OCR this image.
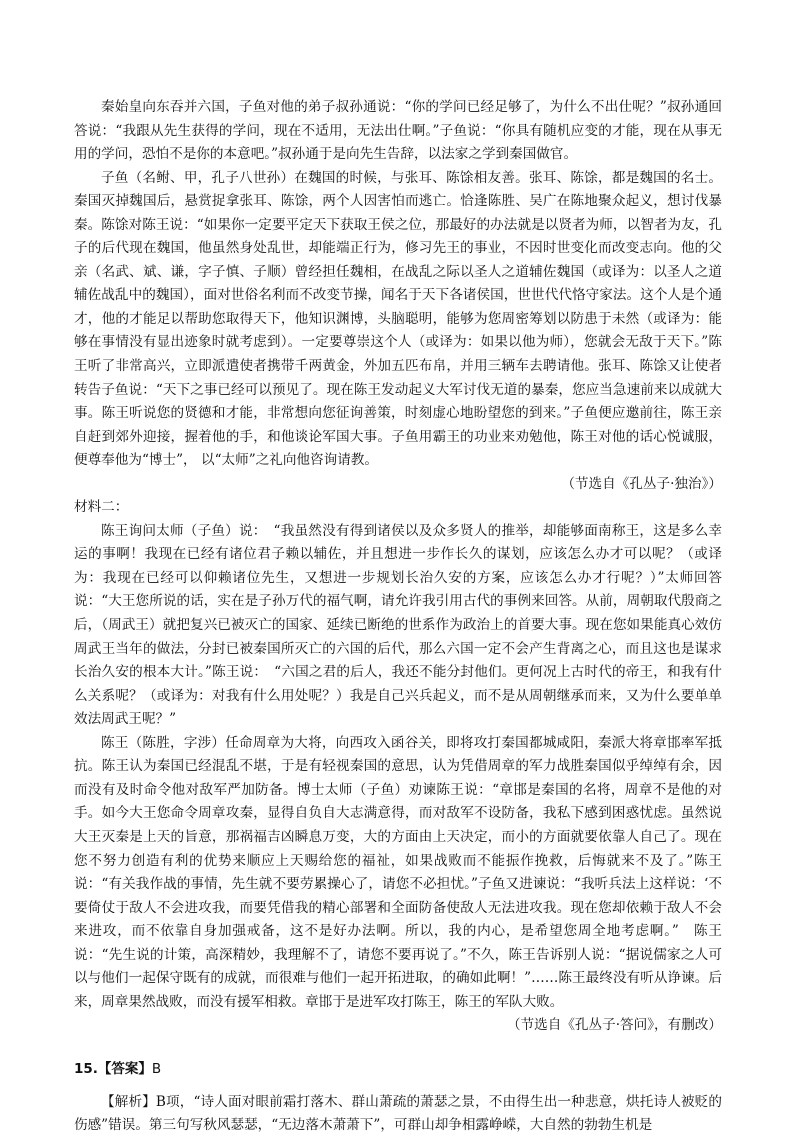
秦始皇向东吞并六国，子鱼对他的弟子叔孙通说：“你的学问已经足够了，为什么不出仕呢？”叔孙通回答说：“我跟从先生获得的学问，现在不适用，无法出仕啊。”子鱼说：“你具有随机应变的才能，现在从事无用的学问，恐怕不是你的本意吧。”叔孙通于是向先生告辞，以法家之学到秦国做官。

子鱼（名鲋、甲，孔子八世孙）在魏国的时候，与张耳、陈馀相友善。张耳、陈馀，都是魏国的名士。秦国灭掉魏国后，悬赏捉拿张耳、陈馀，两个人因害怕而逃亡。恰逢陈胜、吴广在陈地聚众起义，想讨伐暴秦。陈馀对陈王说：“如果你一定要平定天下获取王侯之位，那最好的办法就是以贤者为师，以智者为友，孔子的后代现在魏国，他虽然身处乱世，却能端正行为，修习先王的事业，不因时世变化而改变志向。他的父亲（名武、斌、谦，字子慎、子顺）曾经担任魏相，在战乱之际以圣人之道辅佐魏国（或译为：以圣人之道辅佐战乱中的魏国），面对世俗名利而不改变节操，闻名于天下各诸侯国，世世代代恪守家法。这个人是个通才，他的才能足以帮助您取得天下，他知识渊博，头脑聪明，能够为您周密筹划以防患于未然（或译为：能够在事情没有显出迹象时就考虑到）。一定要尊崇这个人（或译为：如果以他为师），您就会无敌于天下。”陈王听了非常高兴，立即派遣使者携带千两黄金，外加五匹布帛，并用三辆车去聘请他。张耳、陈馀又让使者转告子鱼说：“天下之事已经可以预见了。现在陈王发动起义大军讨伐无道的暴秦，您应当急速前来以成就大事。陈王听说您的贤德和才能，非常想向您征询善策，时刻虚心地盼望您的到来。”子鱼便应邀前往，陈王亲自赶到郊外迎接，握着他的手，和他谈论军国大事。子鱼用霸王的功业来劝勉他，陈王对他的话心悦诚服，便尊奉他为“博士”， 以“太师”之礼向他咨询请教。

（节选自《孔丛子·独治》）

材料二：

陈王询问太师（子鱼）说：　“我虽然没有得到诸侯以及众多贤人的推举，却能够面南称王，这是多么幸运的事啊！我现在已经有诸位君子赖以辅佐，并且想进一步作长久的谋划，应该怎么办才可以呢？（或译为：我现在已经可以仰赖诸位先生，又想进一步规划长治久安的方案，应该怎么办才行呢？）”太师回答说：“大王您所说的话，实在是子孙万代的福气啊，请允许我引用古代的事例来回答。从前，周朝取代殷商之后，（周武王）就把复兴已被灭亡的国家、延续已断绝的世系作为政治上的首要大事。现在您如果能真心效仿周武王当年的做法，分封已被秦国所灭亡的六国的后代，那么六国一定不会产生背离之心，而且这也是谋求长治久安的根本大计。”陈王说：　“六国之君的后人，我还不能分封他们。更何况上古时代的帝王，和我有什么关系呢？（或译为：对我有什么用处呢？）我是自己兴兵起义，而不是从周朝继承而来，又为什么要单单效法周武王呢？”

陈王（陈胜，字涉）任命周章为大将，向西攻入函谷关，即将攻打秦国都城咸阳，秦派大将章邯率军抵抗。陈王认为秦国已经混乱不堪，于是有轻视秦国的意思，认为凭借周章的军力战胜秦国似乎绰绰有余，因而没有及时命令他对敌军严加防备。博士太师（子鱼）劝谏陈王说：“章邯是秦国的名将，周章不是他的对手。如今大王您命令周章攻秦，显得自负自大志满意得，而对敌军不设防备，我私下感到困惑忧虑。虽然说大王灭秦是上天的旨意，那祸福吉凶瞬息万变，大的方面由上天决定，而小的方面就要依靠人自己了。现在您不努力创造有利的优势来顺应上天赐给您的福祉，如果战败而不能振作挽救，后悔就来不及了。”陈王说：“有关我作战的事情，先生就不要劳累操心了，请您不必担忧。”子鱼又进谏说：“我听兵法上这样说：‘不要倚仗于敌人不会进攻我，而要凭借我的精心部署和全面防备使敌人无法进攻我。现在您却依赖于敌人不会来进攻，而不依靠自身加强戒备，这不是好办法啊。所以，我的内心，是希望您周全地考虑啊。”　陈王说：“先生说的计策，高深精妙，我理解不了，请您不要再说了。”不久，陈王告诉别人说：“据说儒家之人可以与他们一起保守既有的成就，而很难与他们一起开拓进取，的确如此啊！”……陈王最终没有听从诤谏。后来，周章果然战败，而没有援军相救。章邯于是进军攻打陈王，陈王的军队大败。

（节选自《孔丛子·答问》，有删改）

15.【答案】B

【解析】B项，“诗人面对眼前霜打落木、群山萧疏的萧瑟之景，不由得生出一种悲意，烘托诗人被贬的伤感”错误。第三句写秋风瑟瑟，“无边落木萧萧下”，可群山却争相露峥嵘，大自然的勃勃生机是
